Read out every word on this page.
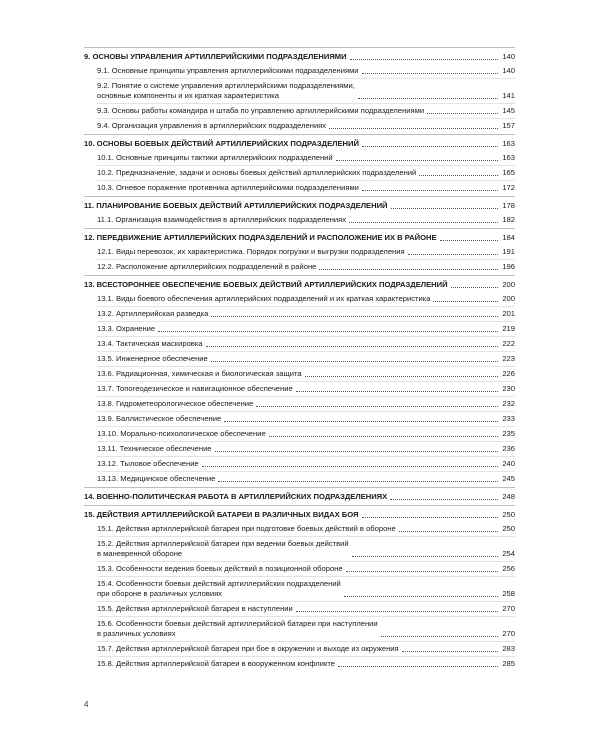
9. ОСНОВЫ УПРАВЛЕНИЯ АРТИЛЛЕРИЙСКИМИ ПОДРАЗДЕЛЕНИЯМИ	140
9.1. Основные принципы управления артиллерийскими подразделениями	140
9.2. Понятие о системе управления артиллерийскими подразделениями,
основные компоненты и их краткая характеристика	141
9.3. Основы работы командира и штаба по управлению артиллерийскими подразделениями	145
9.4. Организация управления в артиллерийских подразделениях	157
10. ОСНОВЫ БОЕВЫХ ДЕЙСТВИЙ АРТИЛЛЕРИЙСКИХ ПОДРАЗДЕЛЕНИЙ	163
10.1. Основные принципы тактики артиллерийских подразделений	163
10.2. Предназначение, задачи и основы боевых действий артиллерийских подразделений	165
10.3. Огневое поражение противника артиллерийскими подразделениями	172
11. ПЛАНИРОВАНИЕ БОЕВЫХ ДЕЙСТВИЙ АРТИЛЛЕРИЙСКИХ ПОДРАЗДЕЛЕНИЙ	178
11.1. Организация взаимодействия в артиллерийских подразделениях	182
12. ПЕРЕДВИЖЕНИЕ АРТИЛЛЕРИЙСКИХ ПОДРАЗДЕЛЕНИЙ И РАСПОЛОЖЕНИЕ ИХ В РАЙОНЕ	184
12.1. Виды перевозок, их характеристика. Порядок погрузки и выгрузки подразделения	191
12.2. Расположение артиллерийских подразделений в районе	196
13. ВСЕСТОРОННЕЕ ОБЕСПЕЧЕНИЕ БОЕВЫХ ДЕЙСТВИЙ АРТИЛЛЕРИЙСКИХ ПОДРАЗДЕЛЕНИЙ	200
13.1. Виды боевого обеспечения артиллерийских подразделений и их краткая характеристика	200
13.2. Артиллерийская разведка	201
13.3. Охранение	219
13.4. Тактическая маскировка	222
13.5. Инженерное обеспечение	223
13.6. Радиационная, химическая и биологическая защита	226
13.7. Топогеодезическое и навигационное обеспечение	230
13.8. Гидрометеорологическое обеспечение	232
13.9. Баллистическое обеспечение	233
13.10. Морально-психологическое обеспечение	235
13.11. Техническое обеспечение	236
13.12. Тыловое обеспечение	240
13.13. Медицинское обеспечение	245
14. ВОЕННО-ПОЛИТИЧЕСКАЯ РАБОТА В АРТИЛЛЕРИЙСКИХ ПОДРАЗДЕЛЕНИЯХ	248
15. ДЕЙСТВИЯ АРТИЛЛЕРИЙСКОЙ БАТАРЕИ В РАЗЛИЧНЫХ ВИДАХ БОЯ	250
15.1. Действия артиллерийской батареи при подготовке боевых действий в обороне	250
15.2. Действия артиллерийской батареи при ведении боевых действий
в маневренной обороне	254
15.3. Особенности ведения боевых действий в позиционной обороне	256
15.4. Особенности боевых действий артиллерийских подразделений
при обороне в различных условиях	258
15.5. Действия артиллерийской батареи в наступлении	270
15.6. Особенности боевых действий артиллерийской батареи при наступлении
в различных условиях	270
15.7. Действия артиллерийской батареи при бое в окружении и выходе из окружения	283
15.8. Действия артиллерийской батареи в вооруженном конфликте	285
4
